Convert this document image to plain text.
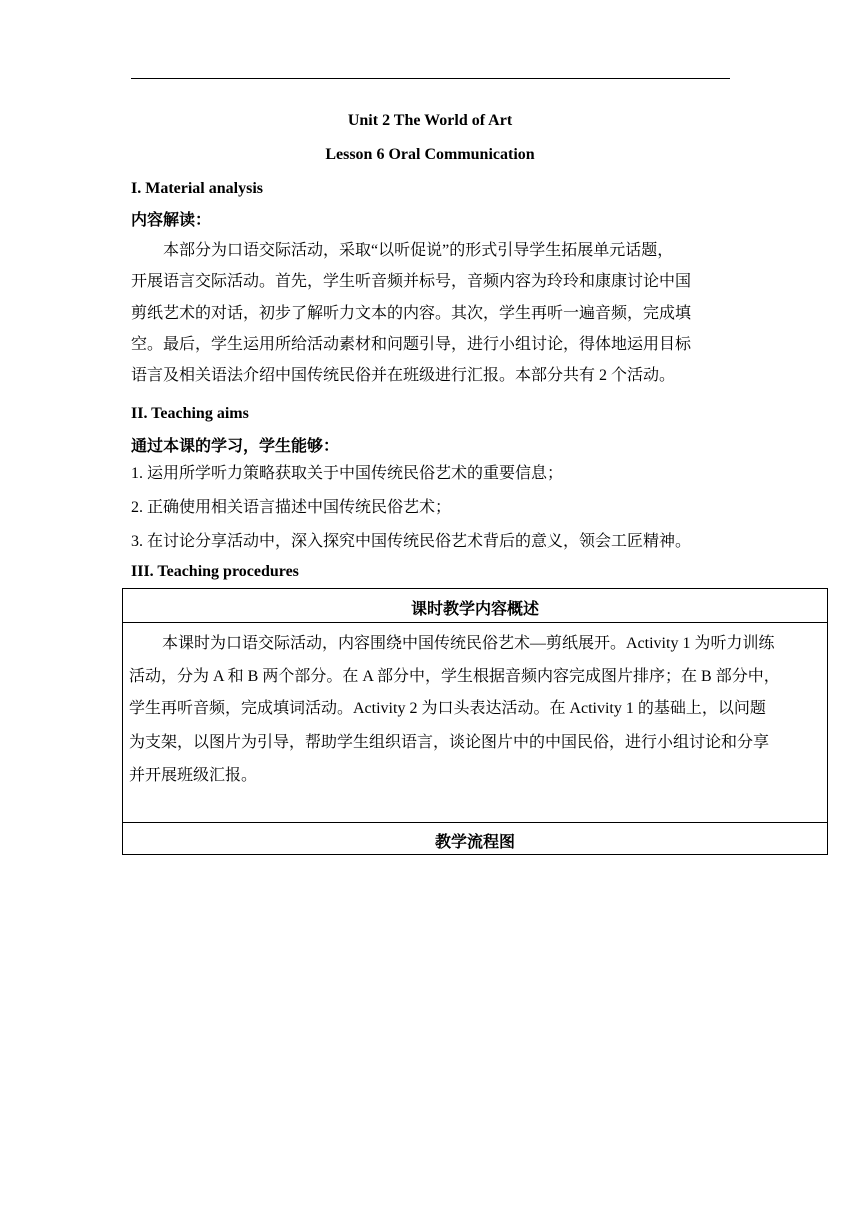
Unit 2 The World of Art
Lesson 6 Oral Communication
I. Material analysis
内容解读：
本部分为口语交际活动，采取“以听促说”的形式引导学生拓展单元话题，
开展语言交际活动。首先，学生听音频并标号，音频内容为玲玲和康康讨论中国
剪纸艺术的对话，初步了解听力文本的内容。其次，学生再听一遍音频，完成填
空。最后，学生运用所给活动素材和问题引导，进行小组讨论，得体地运用目标
语言及相关语法介绍中国传统民俗并在班级进行汇报。本部分共有 2 个活动。
II. Teaching aims
通过本课的学习，学生能够：
1. 运用所学听力策略获取关于中国传统民俗艺术的重要信息；
2. 正确使用相关语言描述中国传统民俗艺术；
3. 在讨论分享活动中，深入探究中国传统民俗艺术背后的意义，领会工匠精神。
III. Teaching procedures
课时教学内容概述
本课时为口语交际活动，内容围绕中国传统民俗艺术—剪纸展开。Activity 1 为听力训练
活动，分为 A 和 B 两个部分。在 A 部分中，学生根据音频内容完成图片排序；在 B 部分中，
学生再听音频，完成填词活动。Activity 2 为口头表达活动。在 Activity 1 的基础上，以问题
为支架，以图片为引导，帮助学生组织语言，谈论图片中的中国民俗，进行小组讨论和分享
并开展班级汇报。
教学流程图
